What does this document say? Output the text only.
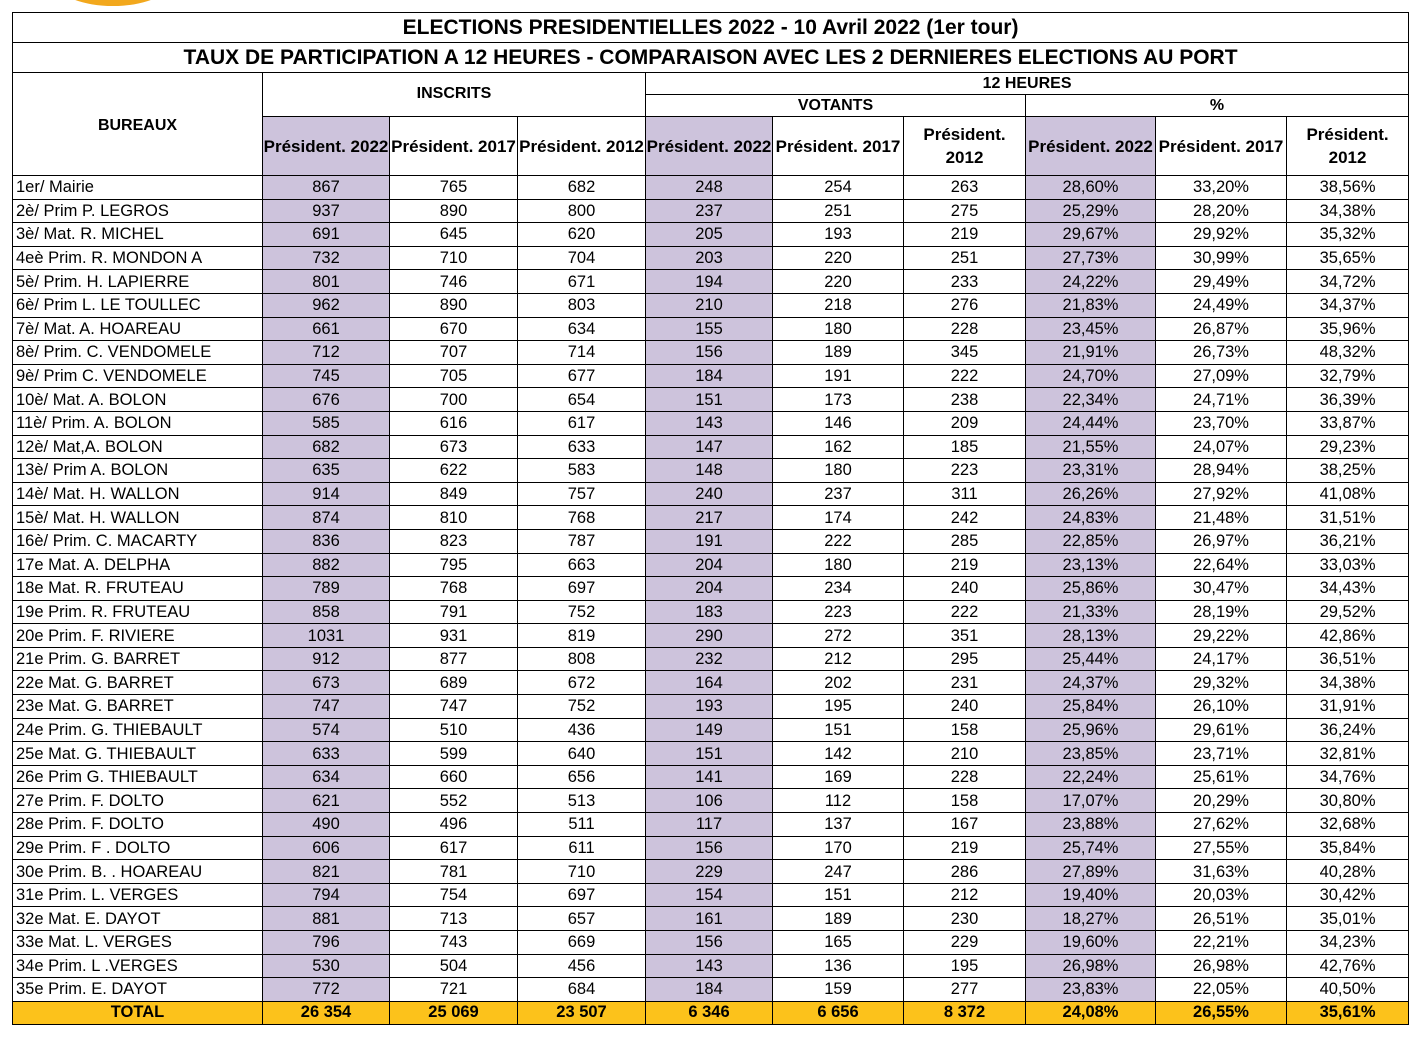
ELECTIONS PRESIDENTIELLES 2022 - 10 Avril 2022 (1er tour)									
TAUX DE PARTICIPATION A 12 HEURES - COMPARAISON AVEC LES 2 DERNIERES ELECTIONS AU PORT									
BUREAUX	INSCRITS			12 HEURES					
				VOTANTS			%		
	Président. 2022	Président. 2017	Président. 2012	Président. 2022	Président. 2017	Président. 2012	Président. 2022	Président. 2017	Président. 2012
1er/ Mairie	867	765	682	248	254	263	28,60%	33,20%	38,56%
2è/ Prim P. LEGROS	937	890	800	237	251	275	25,29%	28,20%	34,38%
3è/ Mat. R. MICHEL	691	645	620	205	193	219	29,67%	29,92%	35,32%
4eè Prim. R. MONDON A	732	710	704	203	220	251	27,73%	30,99%	35,65%
5è/ Prim. H. LAPIERRE	801	746	671	194	220	233	24,22%	29,49%	34,72%
6è/ Prim L. LE TOULLEC	962	890	803	210	218	276	21,83%	24,49%	34,37%
7è/ Mat. A. HOAREAU	661	670	634	155	180	228	23,45%	26,87%	35,96%
8è/ Prim. C. VENDOMELE	712	707	714	156	189	345	21,91%	26,73%	48,32%
9è/ Prim C. VENDOMELE	745	705	677	184	191	222	24,70%	27,09%	32,79%
10è/ Mat. A. BOLON	676	700	654	151	173	238	22,34%	24,71%	36,39%
11è/ Prim. A. BOLON	585	616	617	143	146	209	24,44%	23,70%	33,87%
12è/ Mat,A. BOLON	682	673	633	147	162	185	21,55%	24,07%	29,23%
13è/ Prim A. BOLON	635	622	583	148	180	223	23,31%	28,94%	38,25%
14è/ Mat. H. WALLON	914	849	757	240	237	311	26,26%	27,92%	41,08%
15è/ Mat. H. WALLON	874	810	768	217	174	242	24,83%	21,48%	31,51%
16è/ Prim. C. MACARTY	836	823	787	191	222	285	22,85%	26,97%	36,21%
17e Mat. A. DELPHA	882	795	663	204	180	219	23,13%	22,64%	33,03%
18e Mat. R. FRUTEAU	789	768	697	204	234	240	25,86%	30,47%	34,43%
19e Prim. R. FRUTEAU	858	791	752	183	223	222	21,33%	28,19%	29,52%
20e Prim. F. RIVIERE	1031	931	819	290	272	351	28,13%	29,22%	42,86%
21e Prim. G. BARRET	912	877	808	232	212	295	25,44%	24,17%	36,51%
22e Mat. G. BARRET	673	689	672	164	202	231	24,37%	29,32%	34,38%
23e Mat. G. BARRET	747	747	752	193	195	240	25,84%	26,10%	31,91%
24e Prim. G. THIEBAULT	574	510	436	149	151	158	25,96%	29,61%	36,24%
25e Mat. G. THIEBAULT	633	599	640	151	142	210	23,85%	23,71%	32,81%
26e Prim G. THIEBAULT	634	660	656	141	169	228	22,24%	25,61%	34,76%
27e Prim. F. DOLTO	621	552	513	106	112	158	17,07%	20,29%	30,80%
28e Prim. F. DOLTO	490	496	511	117	137	167	23,88%	27,62%	32,68%
29e Prim. F . DOLTO	606	617	611	156	170	219	25,74%	27,55%	35,84%
30e Prim. B. . HOAREAU	821	781	710	229	247	286	27,89%	31,63%	40,28%
31e Prim. L. VERGES	794	754	697	154	151	212	19,40%	20,03%	30,42%
32e Mat. E. DAYOT	881	713	657	161	189	230	18,27%	26,51%	35,01%
33e Mat. L. VERGES	796	743	669	156	165	229	19,60%	22,21%	34,23%
34e Prim. L .VERGES	530	504	456	143	136	195	26,98%	26,98%	42,76%
35e Prim. E. DAYOT	772	721	684	184	159	277	23,83%	22,05%	40,50%
TOTAL	26 354	25 069	23 507	6 346	6 656	8 372	24,08%	26,55%	35,61%
